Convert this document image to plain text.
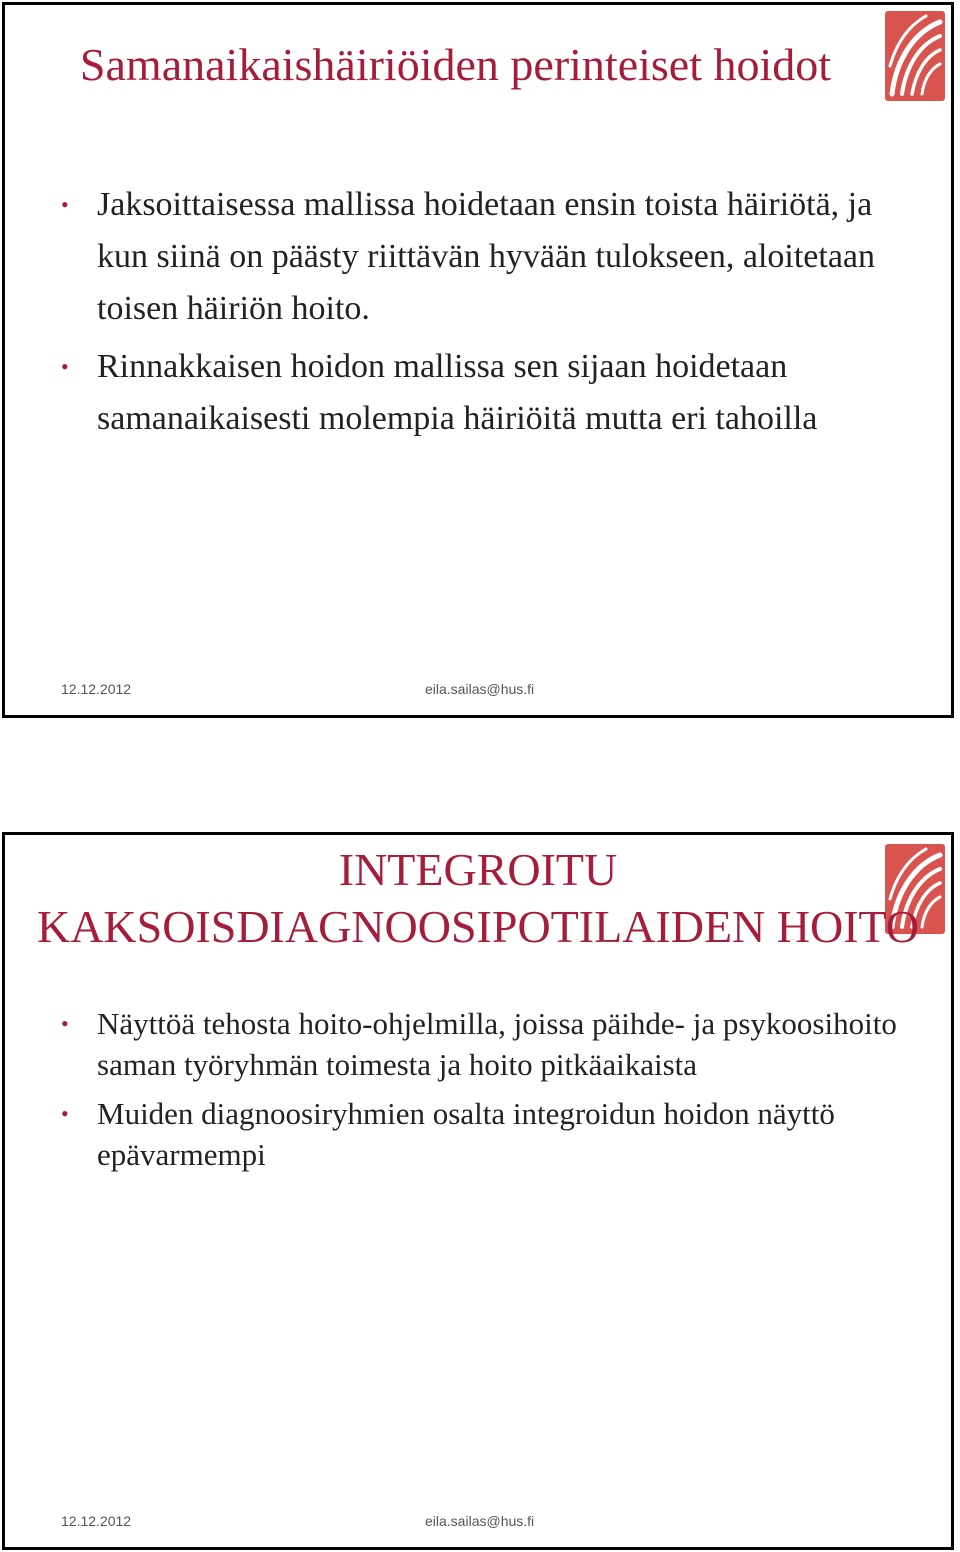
Samanaikaishäiriöiden perinteiset hoidot
• Jaksoittaisessa mallissa hoidetaan ensin toista häiriötä, ja kun siinä on päästy riittävän hyvään tulokseen, aloitetaan toisen häiriön hoito.
• Rinnakkaisen hoidon mallissa sen sijaan hoidetaan samanaikaisesti molempia häiriöitä mutta eri tahoilla
12.12.2012	eila.sailas@hus.fi
INTEGROITU KAKSOISDIAGNOOSIPOTILAIDEN HOITO
• Näyttöä tehosta hoito-ohjelmilla, joissa päihde- ja psykoosihoito saman työryhmän toimesta ja hoito pitkäaikaista
• Muiden diagnoosiryhmien osalta integroidun hoidon näyttö epävarmempi
12.12.2012	eila.sailas@hus.fi
